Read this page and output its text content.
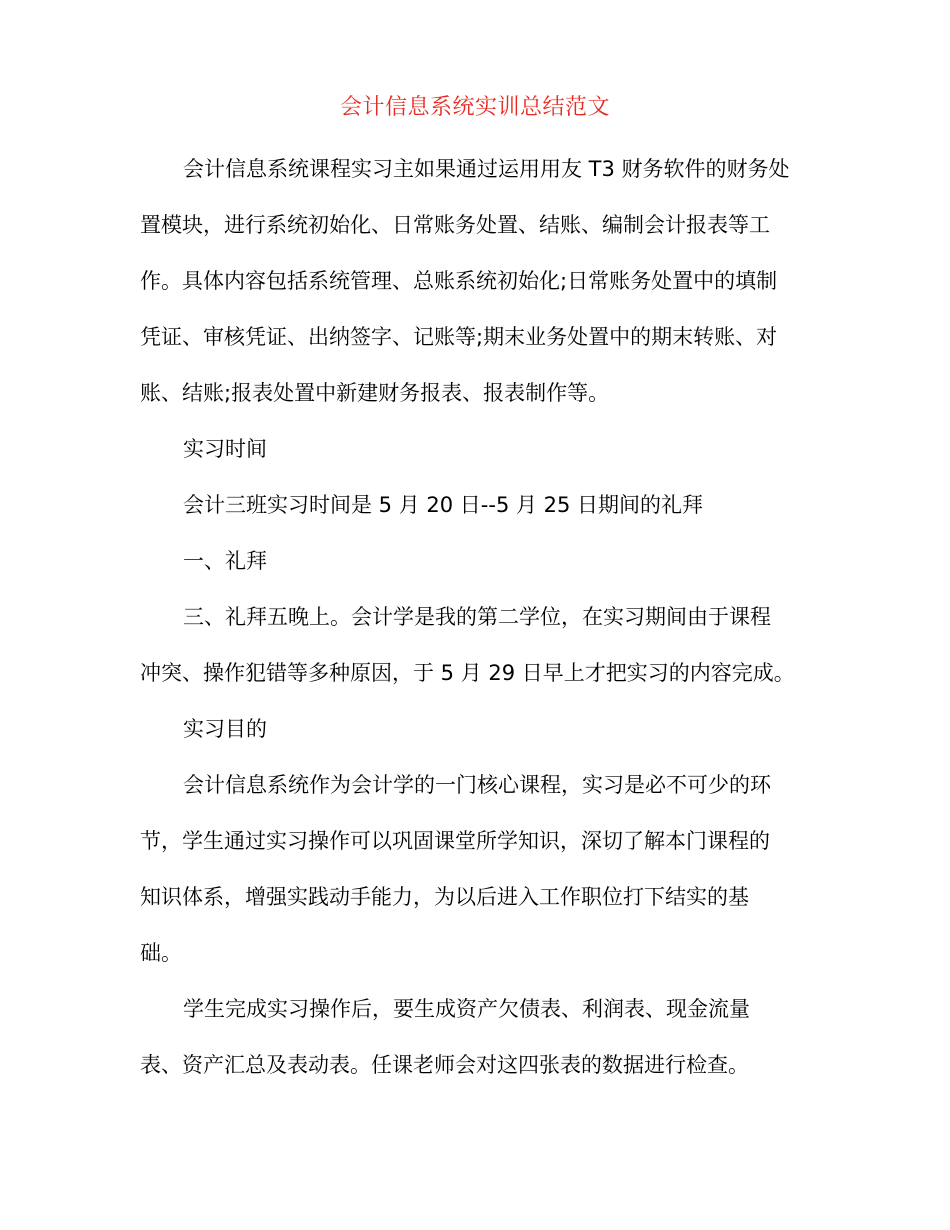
会计信息系统实训总结范文
会计信息系统课程实习主如果通过运用用友 T3 财务软件的财务处
置模块，进行系统初始化、日常账务处置、结账、编制会计报表等工
作。具体内容包括系统管理、总账系统初始化;日常账务处置中的填制
凭证、审核凭证、出纳签字、记账等;期末业务处置中的期末转账、对
账、结账;报表处置中新建财务报表、报表制作等。
实习时间
会计三班实习时间是 5 月 20 日--5 月 25 日期间的礼拜
一、礼拜
三、礼拜五晚上。会计学是我的第二学位，在实习期间由于课程
冲突、操作犯错等多种原因，于 5 月 29 日早上才把实习的内容完成。
实习目的
会计信息系统作为会计学的一门核心课程，实习是必不可少的环
节，学生通过实习操作可以巩固课堂所学知识，深切了解本门课程的
知识体系，增强实践动手能力，为以后进入工作职位打下结实的基
础。
学生完成实习操作后，要生成资产欠债表、利润表、现金流量
表、资产汇总及表动表。任课老师会对这四张表的数据进行检查。
